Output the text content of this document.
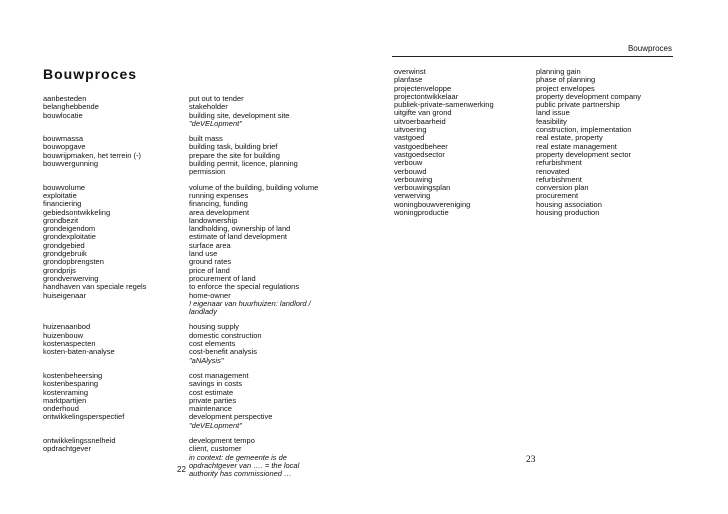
Bouwproces
aanbesteden	put out to tender
belanghebbende	stakeholder
bouwlocatie	building site, development site
"deVELopment"
bouwmassa	built mass
bouwopgave	building task, building brief
bouwrijpmaken, het terrein (-)	prepare the site for building
bouwvergunning	building permit, licence, planning
permission
bouwvolume	volume of the building, building volume
exploitatie	running expenses
financiering	financing, funding
gebiedsontwikkeling	area development
grondbezit	landownership
grondeigendom	landholding, ownership of land
grondexploitatie	estimate of land development
grondgebied	surface area
grondgebruik	land use
grondopbrengsten	ground rates
grondprijs	price of land
grondverwerving	procurement of land
handhaven van speciale regels	to enforce the special regulations
huiseigenaar	home-owner
! eigenaar van huurhuizen: landlord /
landlady
huizenaanbod	housing supply
huizenbouw	domestic construction
kostenaspecten	cost elements
kosten-baten-analyse	cost-benefit analysis
"aNAlysis"
kostenbeheersing	cost management
kostenbesparing	savings in costs
kostenraming	cost estimate
marktpartijen	private parties
onderhoud	maintenance
ontwikkelingsperspectief	development perspective
"deVELopment"
ontwikkelingssnelheid	development tempo
opdrachtgever	client, customer
in context: de gemeente is de
opdrachtgever van …. = the local
authority has commissioned …
22
Bouwproces
overwinst	planning gain
planfase	phase of planning
projectenveloppe	project envelopes
projectontwikkelaar	property development company
publiek-private-samenwerking	public private partnership
uitgifte van grond	land issue
uitvoerbaarheid	feasibility
uitvoering	construction, implementation
vastgoed	real estate, property
vastgoedbeheer	real estate management
vastgoedsector	property development sector
verbouw	refurbishment
verbouwd	renovated
verbouwing	refurbishment
verbouwingsplan	conversion plan
verwerving	procurement
woningbouwvereniging	housing association
woningproductie	housing production
23
